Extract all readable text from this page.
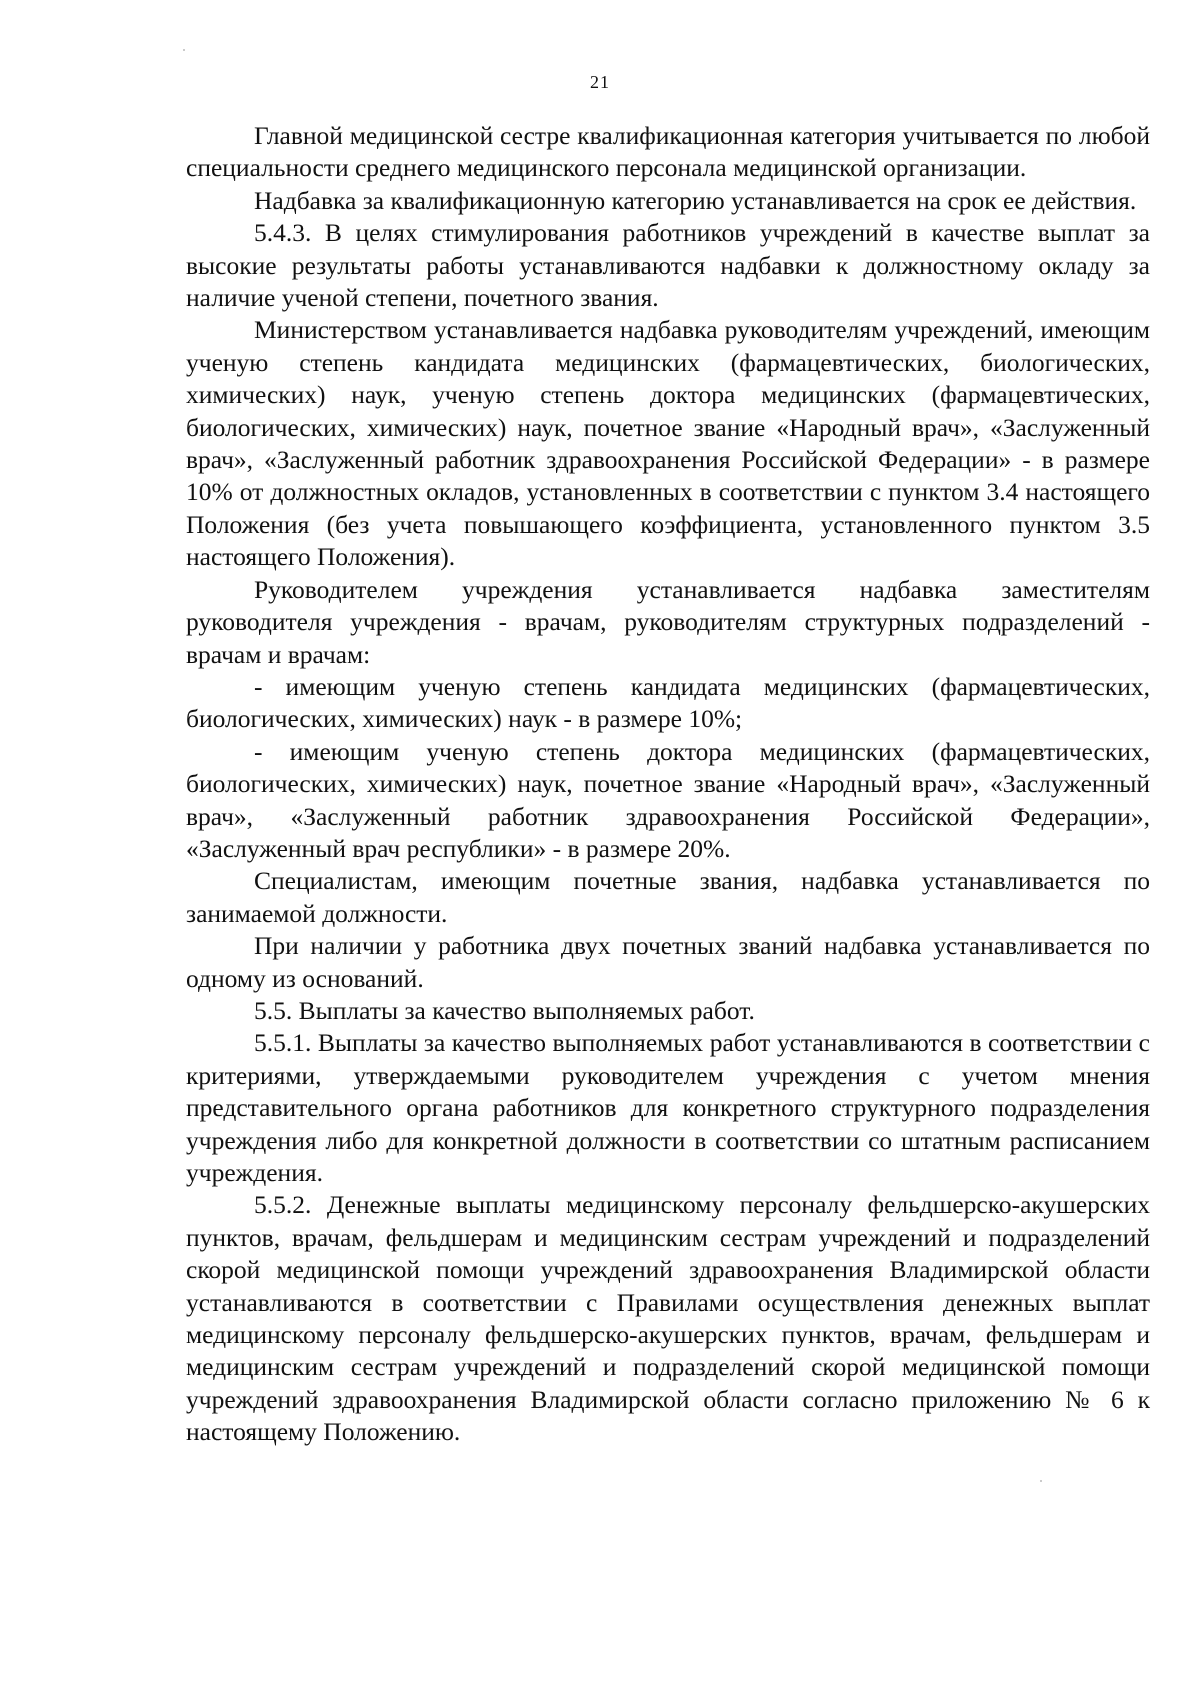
21

Главной медицинской сестре квалификационная категория учитывается по любой специальности среднего медицинского персонала медицинской организации.

Надбавка за квалификационную категорию устанавливается на срок ее действия.

5.4.3. В целях стимулирования работников учреждений в качестве выплат за высокие результаты работы устанавливаются надбавки к должностному окладу за наличие ученой степени, почетного звания.

Министерством устанавливается надбавка руководителям учреждений, имеющим ученую степень кандидата медицинских (фармацевтических, биологических, химических) наук, ученую степень доктора медицинских (фармацевтических, биологических, химических) наук, почетное звание «Народный врач», «Заслуженный врач», «Заслуженный работник здравоохранения Российской Федерации» - в размере 10% от должностных окладов, установленных в соответствии с пунктом 3.4 настоящего Положения (без учета повышающего коэффициента, установленного пунктом 3.5 настоящего Положения).

Руководителем учреждения устанавливается надбавка заместителям руководителя учреждения - врачам, руководителям структурных подразделений - врачам и врачам:

- имеющим ученую степень кандидата медицинских (фармацевтических, биологических, химических) наук - в размере 10%;

- имеющим ученую степень доктора медицинских (фармацевтических, биологических, химических) наук, почетное звание «Народный врач», «Заслуженный врач», «Заслуженный работник здравоохранения Российской Федерации», «Заслуженный врач республики» - в размере 20%.

Специалистам, имеющим почетные звания, надбавка устанавливается по занимаемой должности.

При наличии у работника двух почетных званий надбавка устанавливается по одному из оснований.

5.5. Выплаты за качество выполняемых работ.

5.5.1. Выплаты за качество выполняемых работ устанавливаются в соответствии с критериями, утверждаемыми руководителем учреждения с учетом мнения представительного органа работников для конкретного структурного подразделения учреждения либо для конкретной должности в соответствии со штатным расписанием учреждения.

5.5.2. Денежные выплаты медицинскому персоналу фельдшерско-акушерских пунктов, врачам, фельдшерам и медицинским сестрам учреждений и подразделений скорой медицинской помощи учреждений здравоохранения Владимирской области устанавливаются в соответствии с Правилами осуществления денежных выплат медицинскому персоналу фельдшерско-акушерских пунктов, врачам, фельдшерам и медицинским сестрам учреждений и подразделений скорой медицинской помощи учреждений здравоохранения Владимирской области согласно приложению № 6 к настоящему Положению.
